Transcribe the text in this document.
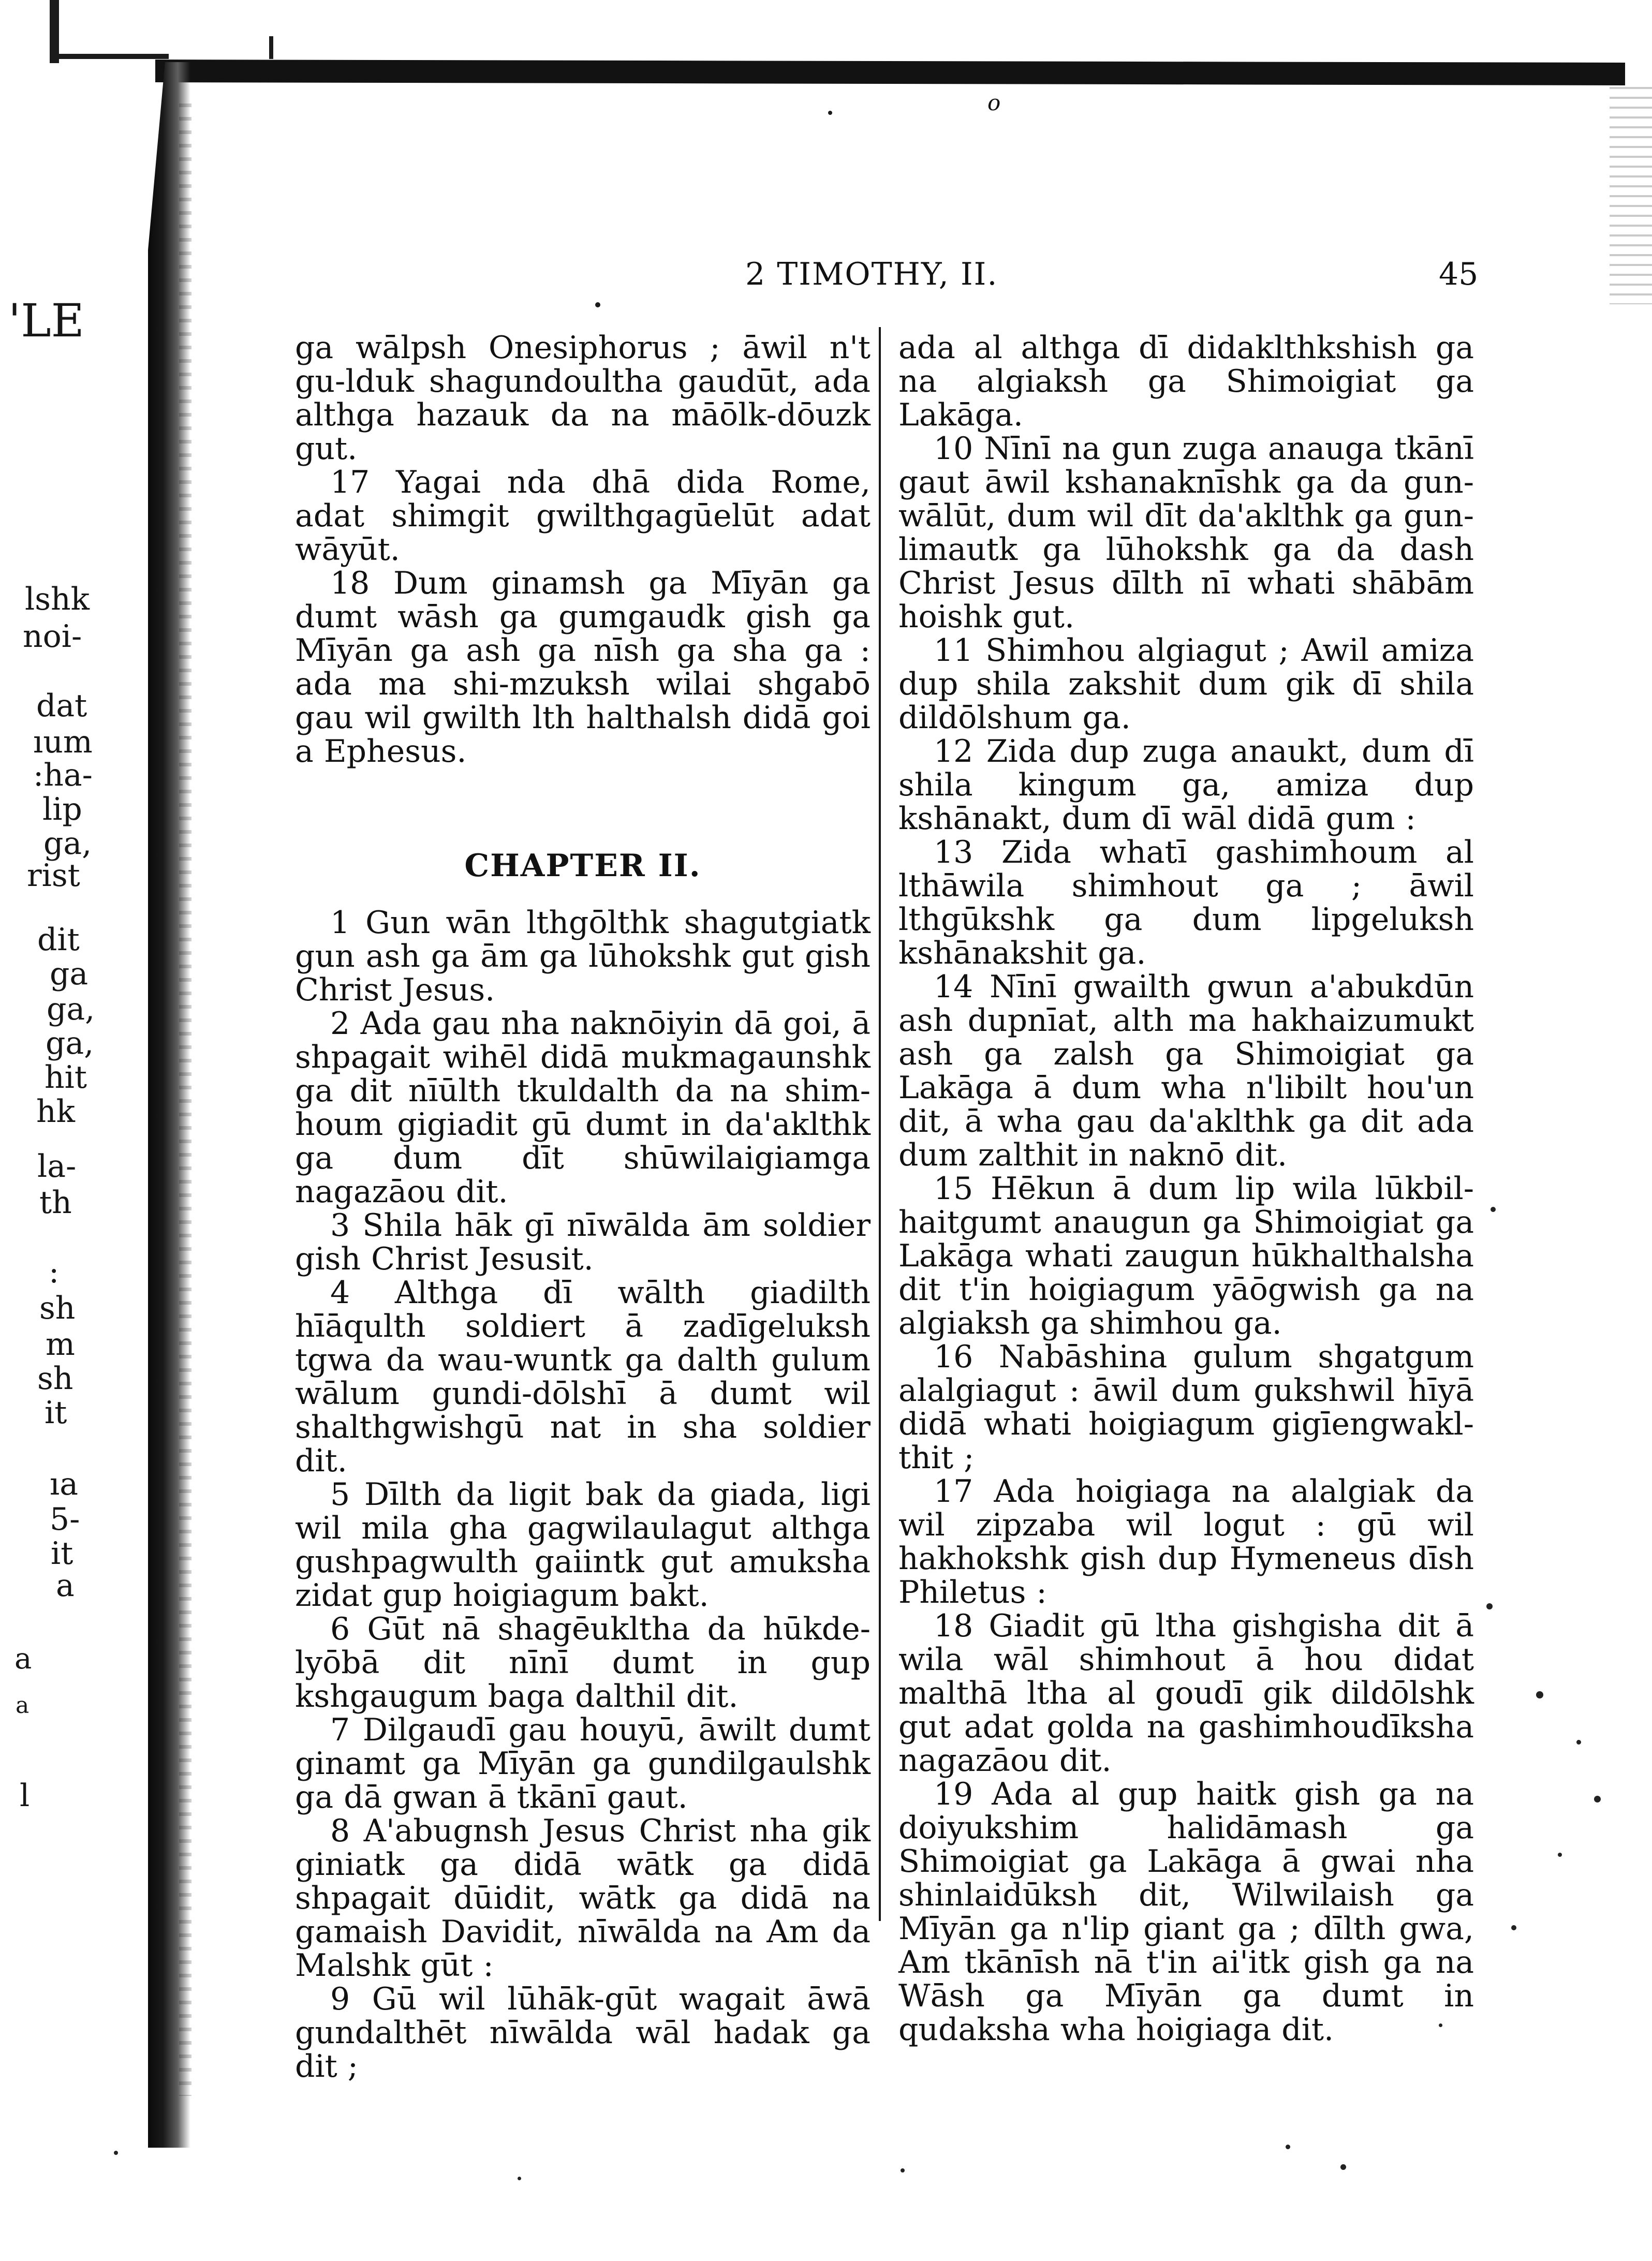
o
'LE
lshk
noi-
dat
ıum
:ha-
lip
ga,
rist
dit
ga
ga,
ga,
hit
hk
la-
th
:
sh
m
sh
it
ıa
5-
it
a
a
a
l
2 TIMOTHY, II.	45

ga wālpsh Onesiphorus ; āwil n't gu-lduk shagundoultha gaudūt, ada althga hazauk da na māōlk-dōuzk gut.

17 Yagai nda dhā dida Rome, adat shimgit gwilthgagūelūt adat wāyūt.

18 Dum ginamsh ga Mīyān ga dumt wāsh ga gumgaudk gish ga Mīyān ga ash ga nīsh ga sha ga : ada ma shi-mzuksh wilai shgabō gau wil gwilth lth halthalsh didā goi a Ephesus.

CHAPTER II.

1 Gun wān lthgōlthk shagutgiatk gun ash ga ām ga lūhokshk gut gish Christ Jesus.

2 Ada gau nha naknōiyin dā goi, ā shpagait wihēl didā mukmagaunshk ga dit nīūlth tkuldalth da na shim-houm gigiadit gū dumt in da'aklthk ga dum dīt shūwilaigiamga nagazāou dit.

3 Shila hāk gī nīwālda ām soldier gish Christ Jesusit.

4 Althga dī wālth giadilth hīāqulth soldiert ā zadīgeluksh tgwa da wau-wuntk ga dalth gulum wālum gundi-dōlshī ā dumt wil shalthgwishgū nat in sha soldier dit.

5 Dīlth da ligit bak da giada, ligi wil mila gha gagwilaulagut althga gushpagwulth gaiintk gut amuksha zidat gup hoigiagum bakt.

6 Gūt nā shagēukltha da hūkde-lyōbā dit nīnī dumt in gup kshgaugum baga dalthil dit.

7 Dilgaudī gau houyū, āwilt dumt ginamt ga Mīyān ga gundilgaulshk ga dā gwan ā tkānī gaut.

8 A'abugnsh Jesus Christ nha gik giniatk ga didā wātk ga didā shpagait dūidit, wātk ga didā na gamaish Davidit, nīwālda na Am da Malshk gūt :

9 Gū wil lūhāk-gūt wagait āwā gundalthēt nīwālda wāl hadak ga dit ;

ada al althga dī didaklthkshish ga na algiaksh ga Shimoigiat ga Lakāga.

10 Nīnī na gun zuga anauga tkānī gaut āwil kshanaknīshk ga da gun-wālūt, dum wil dīt da'aklthk ga gun-limautk ga lūhokshk ga da dash Christ Jesus dīlth nī whati shābām hoishk gut.

11 Shimhou algiagut ; Awil amiza dup shila zakshit dum gik dī shila dildōlshum ga.

12 Zida dup zuga anaukt, dum dī shila kingum ga, amiza dup kshānakt, dum dī wāl didā gum :

13 Zida whatī gashimhoum al lthāwila shimhout ga ; āwil lthgūkshk ga dum lipgeluksh kshānakshit ga.

14 Nīnī gwailth gwun a'abukdūn ash dupnīat, alth ma hakhaizumukt ash ga zalsh ga Shimoigiat ga Lakāga ā dum wha n'libilt hou'un dit, ā wha gau da'aklthk ga dit ada dum zalthit in naknō dit.

15 Hēkun ā dum lip wila lūkbil-haitgumt anaugun ga Shimoigiat ga Lakāga whati zaugun hūkhalthalsha dit t'in hoigiagum yāōgwish ga na algiaksh ga shimhou ga.

16 Nabāshina gulum shgatgum alalgiagut : āwil dum gukshwil hīyā didā whati hoigiagum gigīengwakl-thit ;

17 Ada hoigiaga na alalgiak da wil zipzaba wil logut : gū wil hakhokshk gish dup Hymeneus dīsh Philetus :

18 Giadit gū ltha gishgisha dit ā wila wāl shimhout ā hou didat malthā ltha al goudī gik dildōlshk gut adat golda na gashimhoudīksha nagazāou dit.

19 Ada al gup haitk gish ga na doiyukshim halidāmash ga Shimoigiat ga Lakāga ā gwai nha shinlaidūksh dit, Wilwilaish ga Mīyān ga n'lip giant ga ; dīlth gwa, Am tkānīsh nā t'in ai'itk gish ga na Wāsh ga Mīyān ga dumt in qudaksha wha hoigiaga dit.
